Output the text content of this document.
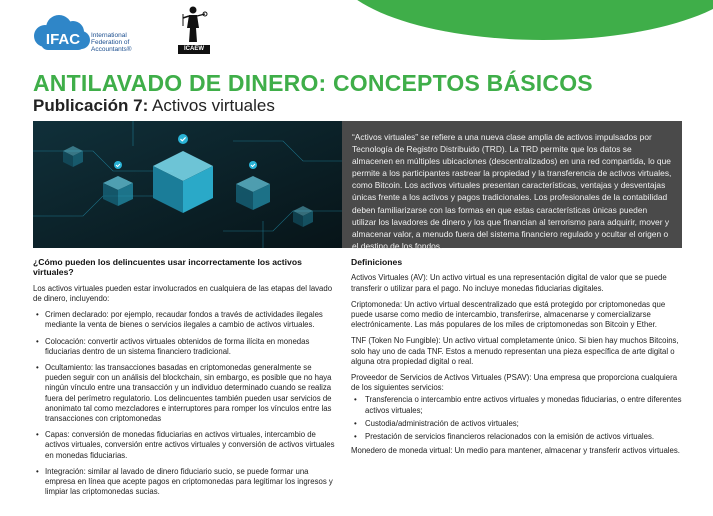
IFAC International Federation of Accountants®	ICAEW
ANTILAVADO DE DINERO: CONCEPTOS BÁSICOS
Publicación 7: Activos virtuales
“Activos virtuales” se refiere a una nueva clase amplia de activos impulsados por Tecnología de Registro Distribuido (TRD). La TRD permite que los datos se almacenen en múltiples ubicaciones (descentralizados) en una red compartida, lo que permite a los participantes rastrear la propiedad y la transferencia de activos virtuales, como Bitcoin. Los activos virtuales presentan características, ventajas y desventajas únicas frente a los activos y pagos tradicionales. Los profesionales de la contabilidad deben familiarizarse con las formas en que estas características únicas pueden utilizar los lavadores de dinero y los que financian al terrorismo para adquirir, mover y almacenar valor, a menudo fuera del sistema financiero regulado y ocultar el origen o el destino de los fondos.
¿Cómo pueden los delincuentes usar incorrectamente los activos virtuales?
Los activos virtuales pueden estar involucrados en cualquiera de las etapas del lavado de dinero, incluyendo:
• Crimen declarado: por ejemplo, recaudar fondos a través de actividades ilegales mediante la venta de bienes o servicios ilegales a cambio de activos virtuales.
• Colocación: convertir activos virtuales obtenidos de forma ilícita en monedas fiduciarias dentro de un sistema financiero tradicional.
• Ocultamiento: las transacciones basadas en criptomonedas generalmente se pueden seguir con un análisis del blockchain, sin embargo, es posible que no haya ningún vínculo entre una transacción y un individuo determinado cuando se realiza fuera del perímetro regulatorio. Los delincuentes también pueden usar servicios de anonimato tal como mezcladores e interruptores para romper los vínculos entre las transacciones con criptomonedas
• Capas: conversión de monedas fiduciarias en activos virtuales, intercambio de activos virtuales, conversión entre activos virtuales y conversión de activos virtuales en monedas fiduciarias.
• Integración: similar al lavado de dinero fiduciario sucio, se puede formar una empresa en línea que acepte pagos en criptomonedas para legitimar los ingresos y limpiar las criptomonedas sucias.
Definiciones
Activos Virtuales (AV): Un activo virtual es una representación digital de valor que se puede transferir o utilizar para el pago. No incluye monedas fiduciarias digitales.
Criptomoneda: Un activo virtual descentralizado que está protegido por criptomonedas que puede usarse como medio de intercambio, transferirse, almacenarse y comercializarse electrónicamente. Las más populares de los miles de criptomonedas son Bitcoin y Ether.
TNF (Token No Fungible): Un activo virtual completamente único. Si bien hay muchos Bitcoins, solo hay uno de cada TNF. Estos a menudo representan una pieza específica de arte digital o alguna otra propiedad digital o real.
Proveedor de Servicios de Activos Virtuales (PSAV): Una empresa que proporciona cualquiera de los siguientes servicios:
• Transferencia o intercambio entre activos virtuales y monedas fiduciarias, o entre diferentes activos virtuales;
• Custodia/administración de activos virtuales;
• Prestación de servicios financieros relacionados con la emisión de activos virtuales.
Monedero de moneda virtual: Un medio para mantener, almacenar y transferir activos virtuales.
